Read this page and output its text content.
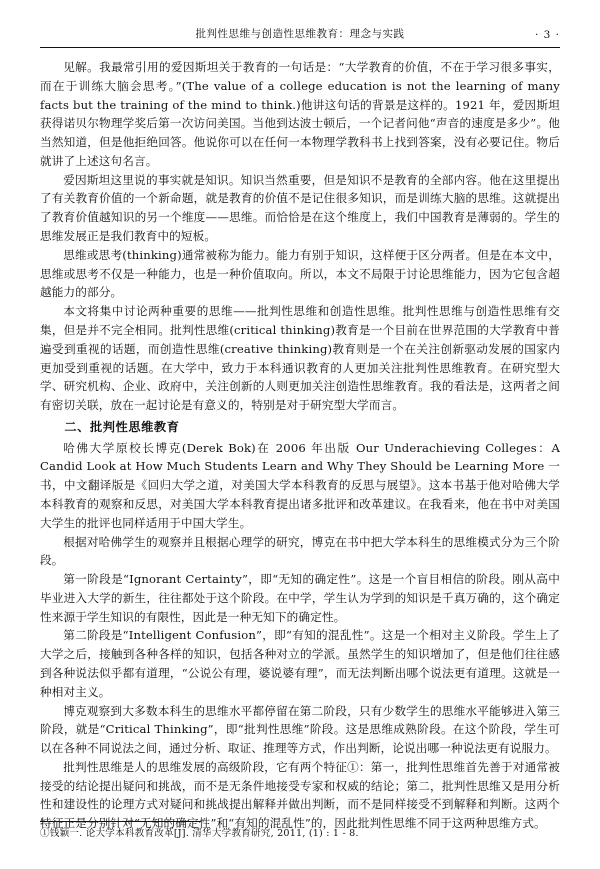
批判性思维与创造性思维教育：理念与实践	· 3 ·

见解。我最常引用的爱因斯坦关于教育的一句话是：“大学教育的价值，不在于学习很多事实，而在于训练大脑会思考。”(The value of a college education is not the learning of many facts but the training of the mind to think.)他讲这句话的背景是这样的。1921 年，爱因斯坦获得诺贝尔物理学奖后第一次访问美国。当他到达波士顿后，一个记者问他“声音的速度是多少”。他当然知道，但是他拒绝回答。他说你可以在任何一本物理学教科书上找到答案，没有必要记住。物后就讲了上述这句名言。

爱因斯坦这里说的事实就是知识。知识当然重要，但是知识不是教育的全部内容。他在这里提出了有关教育价值的一个新命题，就是教育的价值不是记住很多知识，而是训练大脑的思维。这就提出了教育价值越知识的另一个维度——思维。而恰恰是在这个维度上，我们中国教育是薄弱的。学生的思维发展正是我们教育中的短板。

思维或思考(thinking)通常被称为能力。能力有别于知识，这样便于区分两者。但是在本文中，思维或思考不仅是一种能力，也是一种价值取向。所以，本文不局限于讨论思维能力，因为它包含超越能力的部分。

本文将集中讨论两种重要的思维——批判性思维和创造性思维。批判性思维与创造性思维有交集，但是并不完全相同。批判性思维(critical thinking)教育是一个目前在世界范围的大学教育中普遍受到重视的话题，而创造性思维(creative thinking)教育则是一个在关注创新驱动发展的国家内更加受到重视的话题。在大学中，致力于本科通识教育的人更加关注批判性思维教育。在研究型大学、研究机构、企业、政府中，关注创新的人则更加关注创造性思维教育。我的看法是，这两者之间有密切关联，放在一起讨论是有意义的，特别是对于研究型大学而言。

二、批判性思维教育

哈佛大学原校长博克(Derek Bok)在 2006 年出版 Our Underachieving Colleges：A Candid Look at How Much Students Learn and Why They Should be Learning More 一书，中文翻译版是《回归大学之道，对美国大学本科教育的反思与展望》。这本书基于他对哈佛大学本科教育的观察和反思，对美国大学本科教育提出诸多批评和改革建议。在我看来，他在书中对美国大学生的批评也同样适用于中国大学生。

根据对哈佛学生的观察并且根据心理学的研究，博克在书中把大学本科生的思维模式分为三个阶段。

第一阶段是“Ignorant Certainty”，即“无知的确定性”。这是一个盲目相信的阶段。刚从高中毕业进入大学的新生，往往都处于这个阶段。在中学，学生认为学到的知识是千真万确的，这个确定性来源于学生知识的有限性，因此是一种无知下的确定性。

第二阶段是“Intelligent Confusion”，即“有知的混乱性”。这是一个相对主义阶段。学生上了大学之后，接触到各种各样的知识，包括各种对立的学派。虽然学生的知识增加了，但是他们往往感到各种说法似乎都有道理，“公说公有理，婆说婆有理”，而无法判断出哪个说法更有道理。这就是一种相对主义。

博克观察到大多数本科生的思维水平都停留在第二阶段，只有少数学生的思维水平能够进入第三阶段，就是“Critical Thinking”，即“批判性思维”阶段。这是思维成熟阶段。在这个阶段，学生可以在各种不同说法之间，通过分析、取证、推理等方式，作出判断，论说出哪一种说法更有说服力。

批判性思维是人的思维发展的高级阶段，它有两个特征①：第一，批判性思维首先善于对通常被接受的结论提出疑问和挑战，而不是无条件地接受专家和权威的结论；第二，批判性思维又是用分析性和建设性的论理方式对疑问和挑战提出解释并做出判断，而不是同样接受不到解释和判断。这两个特征正是分别针对“无知的确定性”和“有知的混乱性”的，因此批判性思维不同于这两种思维方式。

①钱颖一. 论大学本科教育改革[J]. 清华大学教育研究, 2011, (1) : 1 - 8.
